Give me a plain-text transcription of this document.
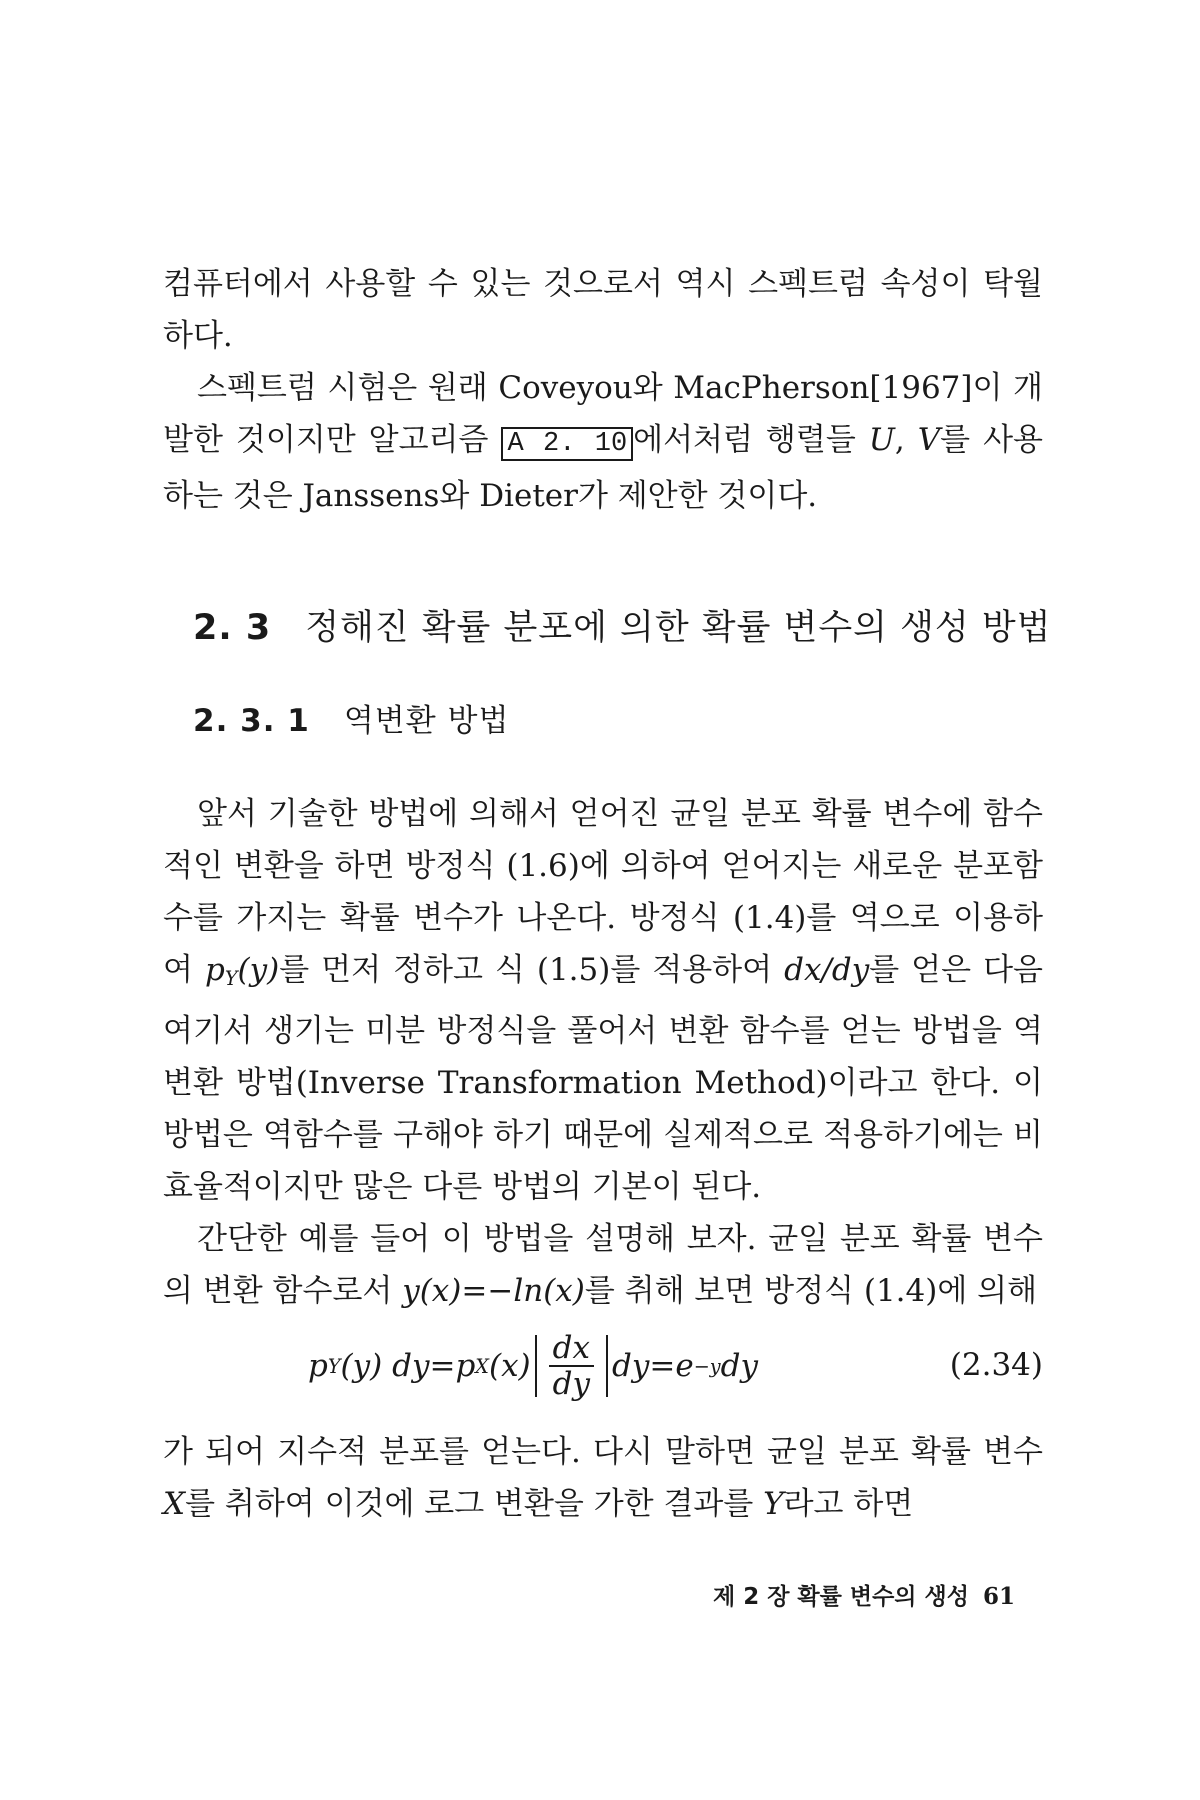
컴퓨터에서 사용할 수 있는 것으로서 역시 스펙트럼 속성이 탁월하다.

스펙트럼 시험은 원래 Coveyou와 MacPherson[1967]이 개발한 것이지만 알고리즘 A 2. 10 에서처럼 행렬들 U, V를 사용하는 것은 Janssens와 Dieter가 제안한 것이다.

2. 3 정해진 확률 분포에 의한 확률 변수의 생성 방법
2. 3. 1 역변환 방법

앞서 기술한 방법에 의해서 얻어진 균일 분포 확률 변수에 함수적인 변환을 하면 방정식 (1.6)에 의하여 얻어지는 새로운 분포함수를 가지는 확률 변수가 나온다. 방정식 (1.4)를 역으로 이용하여 $p_Y(y)$를 먼저 정하고 식 (1.5)를 적용하여 dx/dy를 얻은 다음 여기서 생기는 미분 방정식을 풀어서 변환 함수를 얻는 방법을 역변환 방법(Inverse Transformation Method)이라고 한다. 이 방법은 역함수를 구해야 하기 때문에 실제적으로 적용하기에는 비효율적이지만 많은 다른 방법의 기본이 된다.

간단한 예를 들어 이 방법을 설명해 보자. 균일 분포 확률 변수의 변환 함수로서 y(x)=−ln(x)를 취해 보면 방정식 (1.4)에 의해

p Y (y) dy= p X $(x) \frac{dx}{dy} dy=e -y$ dy	(2.34)

가 되어 지수적 분포를 얻는다. 다시 말하면 균일 분포 확률 변수 X를 취하여 이것에 로그 변환을 가한 결과를 Y라고 하면

제 2 장 확률 변수의 생성 61
